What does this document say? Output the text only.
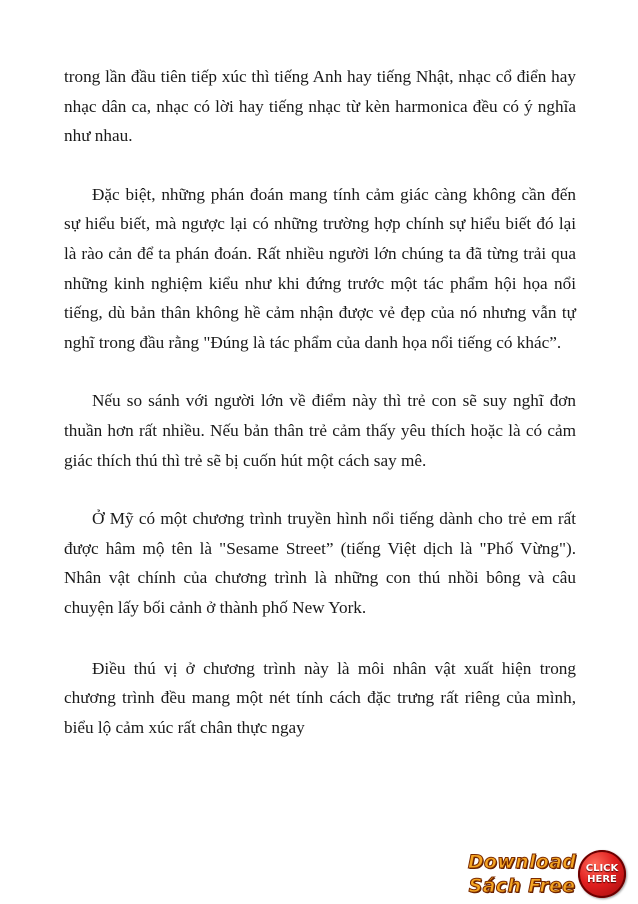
trong lần đầu tiên tiếp xúc thì tiếng Anh hay tiếng Nhật, nhạc cổ điển hay nhạc dân ca, nhạc có lời hay tiếng nhạc từ kèn harmonica đều có ý nghĩa như nhau.

Đặc biệt, những phán đoán mang tính cảm giác càng không cần đến sự hiểu biết, mà ngược lại có những trường hợp chính sự hiểu biết đó lại là rào cản để ta phán đoán. Rất nhiều người lớn chúng ta đã từng trải qua những kinh nghiệm kiểu như khi đứng trước một tác phẩm hội họa nổi tiếng, dù bản thân không hề cảm nhận được vẻ đẹp của nó nhưng vẫn tự nghĩ trong đầu rằng "Đúng là tác phẩm của danh họa nổi tiếng có khác”.

Nếu so sánh với người lớn về điểm này thì trẻ con sẽ suy nghĩ đơn thuần hơn rất nhiều. Nếu bản thân trẻ cảm thấy yêu thích hoặc là có cảm giác thích thú thì trẻ sẽ bị cuốn hút một cách say mê.

Ở Mỹ có một chương trình truyền hình nổi tiếng dành cho trẻ em rất được hâm mộ tên là "Sesame Street” (tiếng Việt dịch là "Phố Vừng"). Nhân vật chính của chương trình là những con thú nhồi bông và câu chuyện lấy bối cảnh ở thành phố New York.

Điều thú vị ở chương trình này là môi nhân vật xuất hiện trong chương trình đều mang một nét tính cách đặc trưng rất riêng của mình, biểu lộ cảm xúc rất chân thực ngay

Download
Sách Free
CLICK
HERE
